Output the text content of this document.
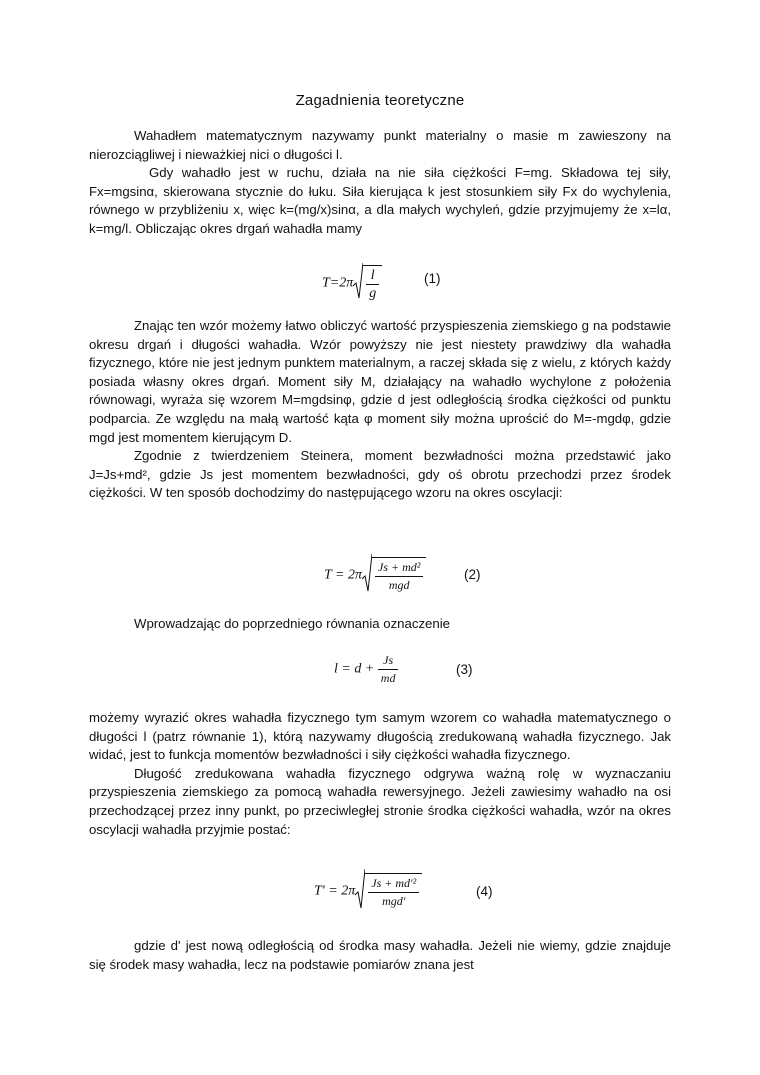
Zagadnienia teoretyczne

Wahadłem matematycznym nazywamy punkt materialny o masie m zawieszony na nierozciągliwej i nieważkiej nici o długości l.

Gdy wahadło jest w ruchu, działa na nie siła ciężkości F=mg. Składowa tej siły, Fx=mgsinα, skierowana stycznie do łuku. Siła kierująca k jest stosunkiem siły Fx do wychylenia, równego w przybliżeniu x, więc k=(mg/x)sinα, a dla małych wychyleń, gdzie przyjmujemy że x=lα, k=mg/l. Obliczając okres drgań wahadła mamy

$T=2\pi \frac{l}{g}$	(1)

Znając ten wzór możemy łatwo obliczyć wartość przyspieszenia ziemskiego g na podstawie okresu drgań i długości wahadła. Wzór powyższy nie jest niestety prawdziwy dla wahadła fizycznego, które nie jest jednym punktem materialnym, a raczej składa się z wielu, z których każdy posiada własny okres drgań. Moment siły M, działający na wahadło wychylone z położenia równowagi, wyraża się wzorem M=mgdsinφ, gdzie d jest odległością środka ciężkości od punktu podparcia. Ze względu na małą wartość kąta φ moment siły można uprościć do M=-mgdφ, gdzie mgd jest momentem kierującym D.

Zgodnie z twierdzeniem Steinera, moment bezwładności można przedstawić jako J=Js+md², gdzie Js jest momentem bezwładności, gdy oś obrotu przechodzi przez środek ciężkości. W ten sposób dochodzimy do następującego wzoru na okres oscylacji:

$T = 2\pi \frac{\text{Js + md²}}{\text{mgd}}$	(2)

Wprowadzając do poprzedniego równania oznaczenie

$l = d + \frac{Js}{md}$	(3)

możemy wyrazić okres wahadła fizycznego tym samym wzorem co wahadła matematycznego o długości l (patrz równanie 1), którą nazywamy długością zredukowaną wahadła fizycznego. Jak widać, jest to funkcja momentów bezwładności i siły ciężkości wahadła fizycznego.

Długość zredukowana wahadła fizycznego odgrywa ważną rolę w wyznaczaniu przyspieszenia ziemskiego za pomocą wahadła rewersyjnego. Jeżeli zawiesimy wahadło na osi przechodzącej przez inny punkt, po przeciwległej stronie środka ciężkości wahadła, wzór na okres oscylacji wahadła przyjmie postać:

$T' = 2\pi \frac{\text{Js + md'²}}{\text{mgd'}}$	(4)

gdzie d' jest nową odległością od środka masy wahadła. Jeżeli nie wiemy, gdzie znajduje się środek masy wahadła, lecz na podstawie pomiarów znana jest
